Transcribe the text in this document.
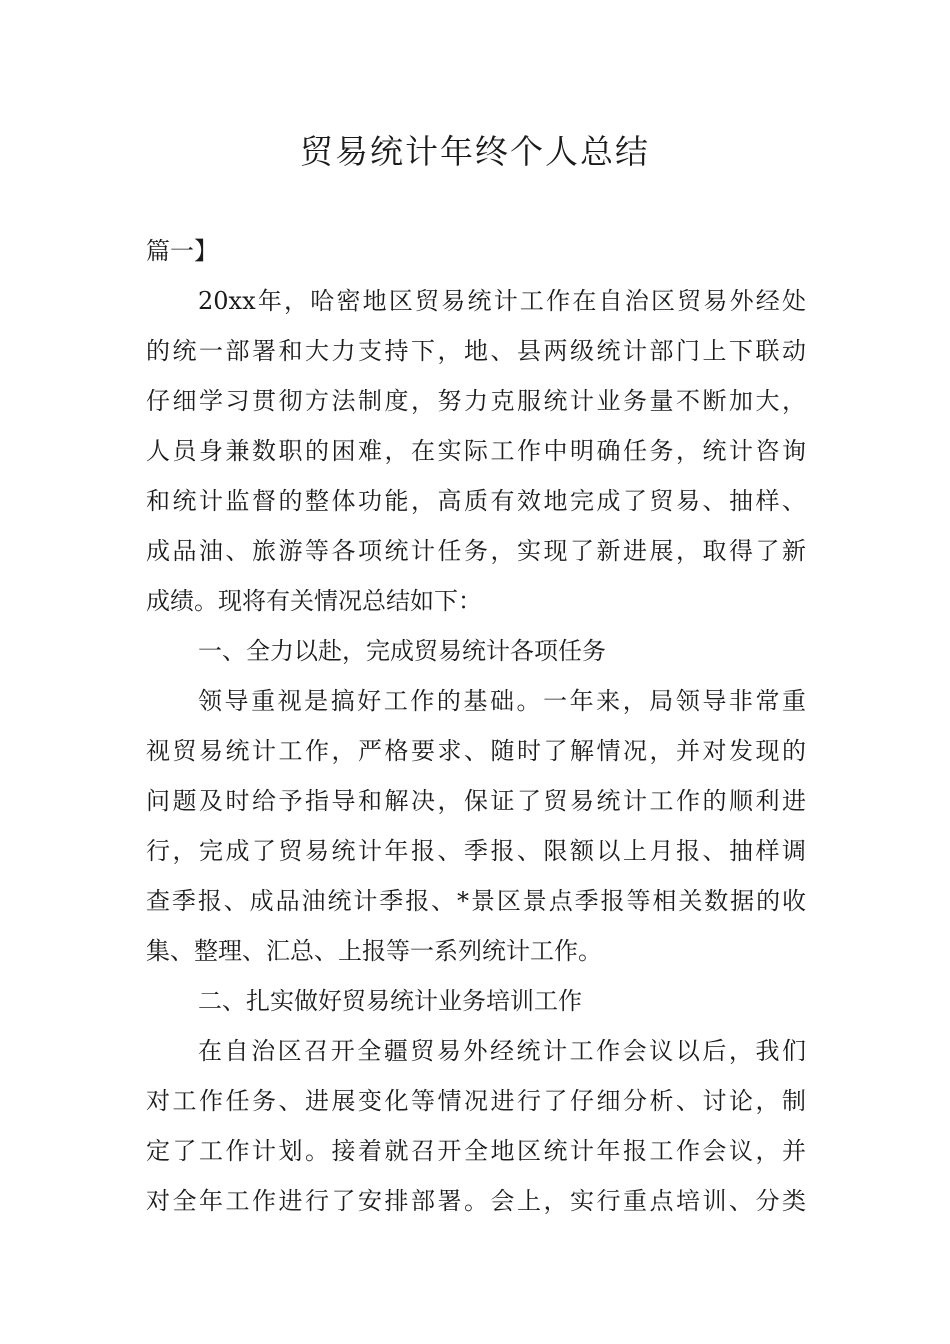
贸易统计年终个人总结
篇一】
20xx年，哈密地区贸易统计工作在自治区贸易外经处
的统一部署和大力支持下，地、县两级统计部门上下联动
仔细学习贯彻方法制度，努力克服统计业务量不断加大，
人员身兼数职的困难，在实际工作中明确任务，统计咨询
和统计监督的整体功能，高质有效地完成了贸易、抽样、
成品油、旅游等各项统计任务，实现了新进展，取得了新
成绩。现将有关情况总结如下：
一、全力以赴，完成贸易统计各项任务
领导重视是搞好工作的基础。一年来，局领导非常重
视贸易统计工作，严格要求、随时了解情况，并对发现的
问题及时给予指导和解决，保证了贸易统计工作的顺利进
行，完成了贸易统计年报、季报、限额以上月报、抽样调
查季报、成品油统计季报、*景区景点季报等相关数据的收
集、整理、汇总、上报等一系列统计工作。
二、扎实做好贸易统计业务培训工作
在自治区召开全疆贸易外经统计工作会议以后，我们
对工作任务、进展变化等情况进行了仔细分析、讨论，制
定了工作计划。接着就召开全地区统计年报工作会议，并
对全年工作进行了安排部署。会上，实行重点培训、分类
